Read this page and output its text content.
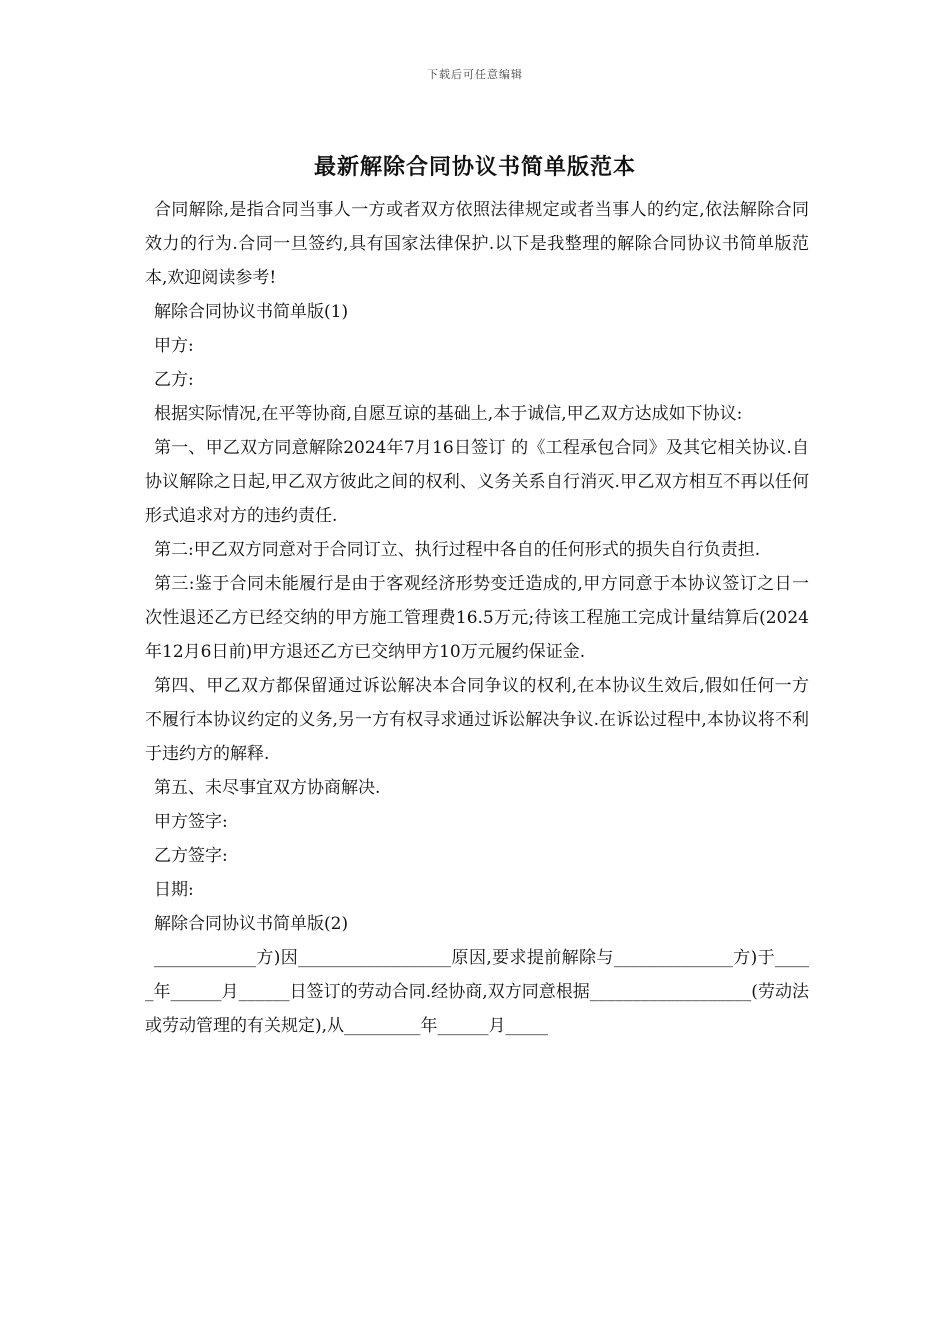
下载后可任意编辑
最新解除合同协议书简单版范本

合同解除,是指合同当事人一方或者双方依照法律规定或者当事人的约定,依法解除合同效力的行为.合同一旦签约,具有国家法律保护.以下是我整理的解除合同协议书简单版范本,欢迎阅读参考!

解除合同协议书简单版(1)

甲方:

乙方:

根据实际情况,在平等协商,自愿互谅的基础上,本于诚信,甲乙双方达成如下协议:

第一、甲乙双方同意解除2024年7月16日签订 的《工程承包合同》及其它相关协议.自协议解除之日起,甲乙双方彼此之间的权利、义务关系自行消灭.甲乙双方相互不再以任何形式追求对方的违约责任.

第二:甲乙双方同意对于合同订立、执行过程中各自的任何形式的损失自行负责担.

第三:鉴于合同未能履行是由于客观经济形势变迁造成的,甲方同意于本协议签订之日一次性退还乙方已经交纳的甲方施工管理费16.5万元;待该工程施工完成计量结算后(2024年12月6日前)甲方退还乙方已交纳甲方10万元履约保证金.

第四、甲乙双方都保留通过诉讼解决本合同争议的权利,在本协议生效后,假如任何一方不履行本协议约定的义务,另一方有权寻求通过诉讼解决争议.在诉讼过程中,本协议将不利于违约方的解释.

第五、未尽事宜双方协商解决.

甲方签字:

乙方签字:

日期:

解除合同协议书简单版(2)

____________方)因__________________原因,要求提前解除与______________方)于_____年______月______日签订的劳动合同.经协商,双方同意根据___________________(劳动法或劳动管理的有关规定),从_________年______月_____
